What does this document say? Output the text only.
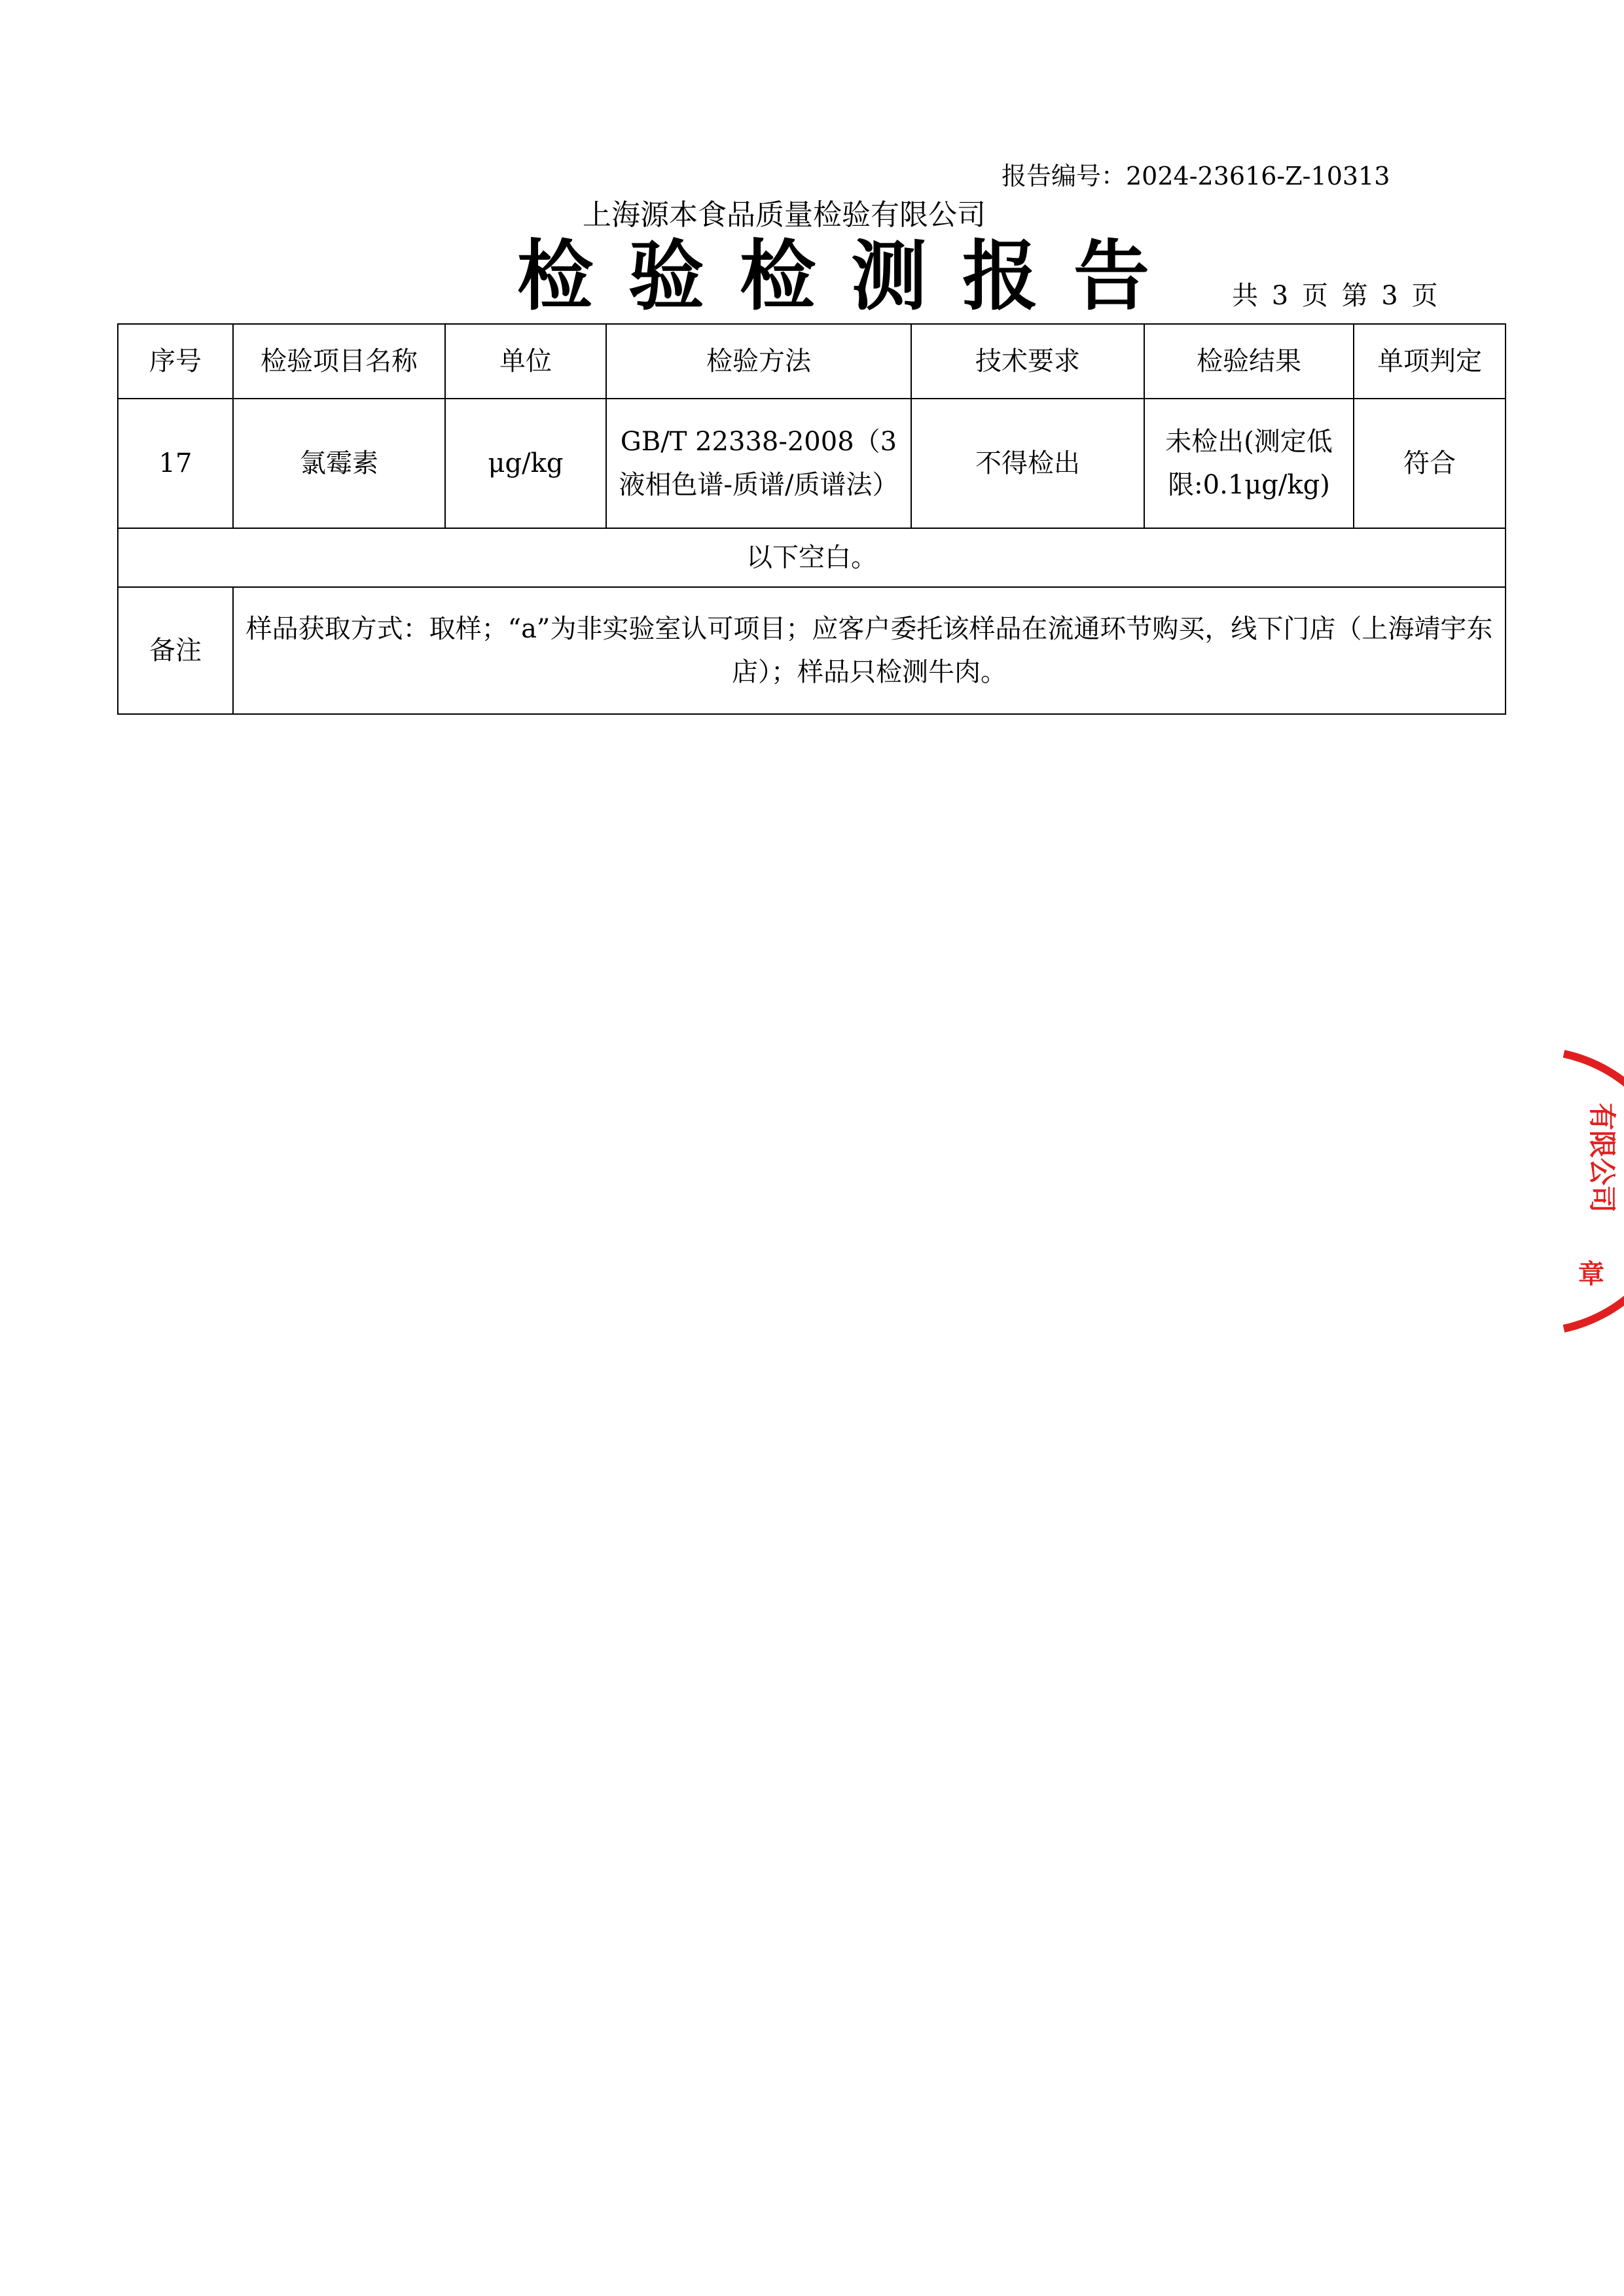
报告编号：2024-23616-Z-10313
上海源本食品质量检验有限公司
检验检测报告 共 3 页 第 3 页
序号	检验项目名称	单位	检验方法	技术要求	检验结果	单项判定
17	氯霉素	μg/kg	GB/T 22338-2008（3 液相色谱-质谱/质谱法）	不得检出	未检出(测定低限:0.1μg/kg)	符合
以下空白。						
备注	样品获取方式：取样；“a”为非实验室认可项目；应客户委托该样品在流通环节购买，线下门店（上海靖宇东店）；样品只检测牛肉。					
有限公司
章
